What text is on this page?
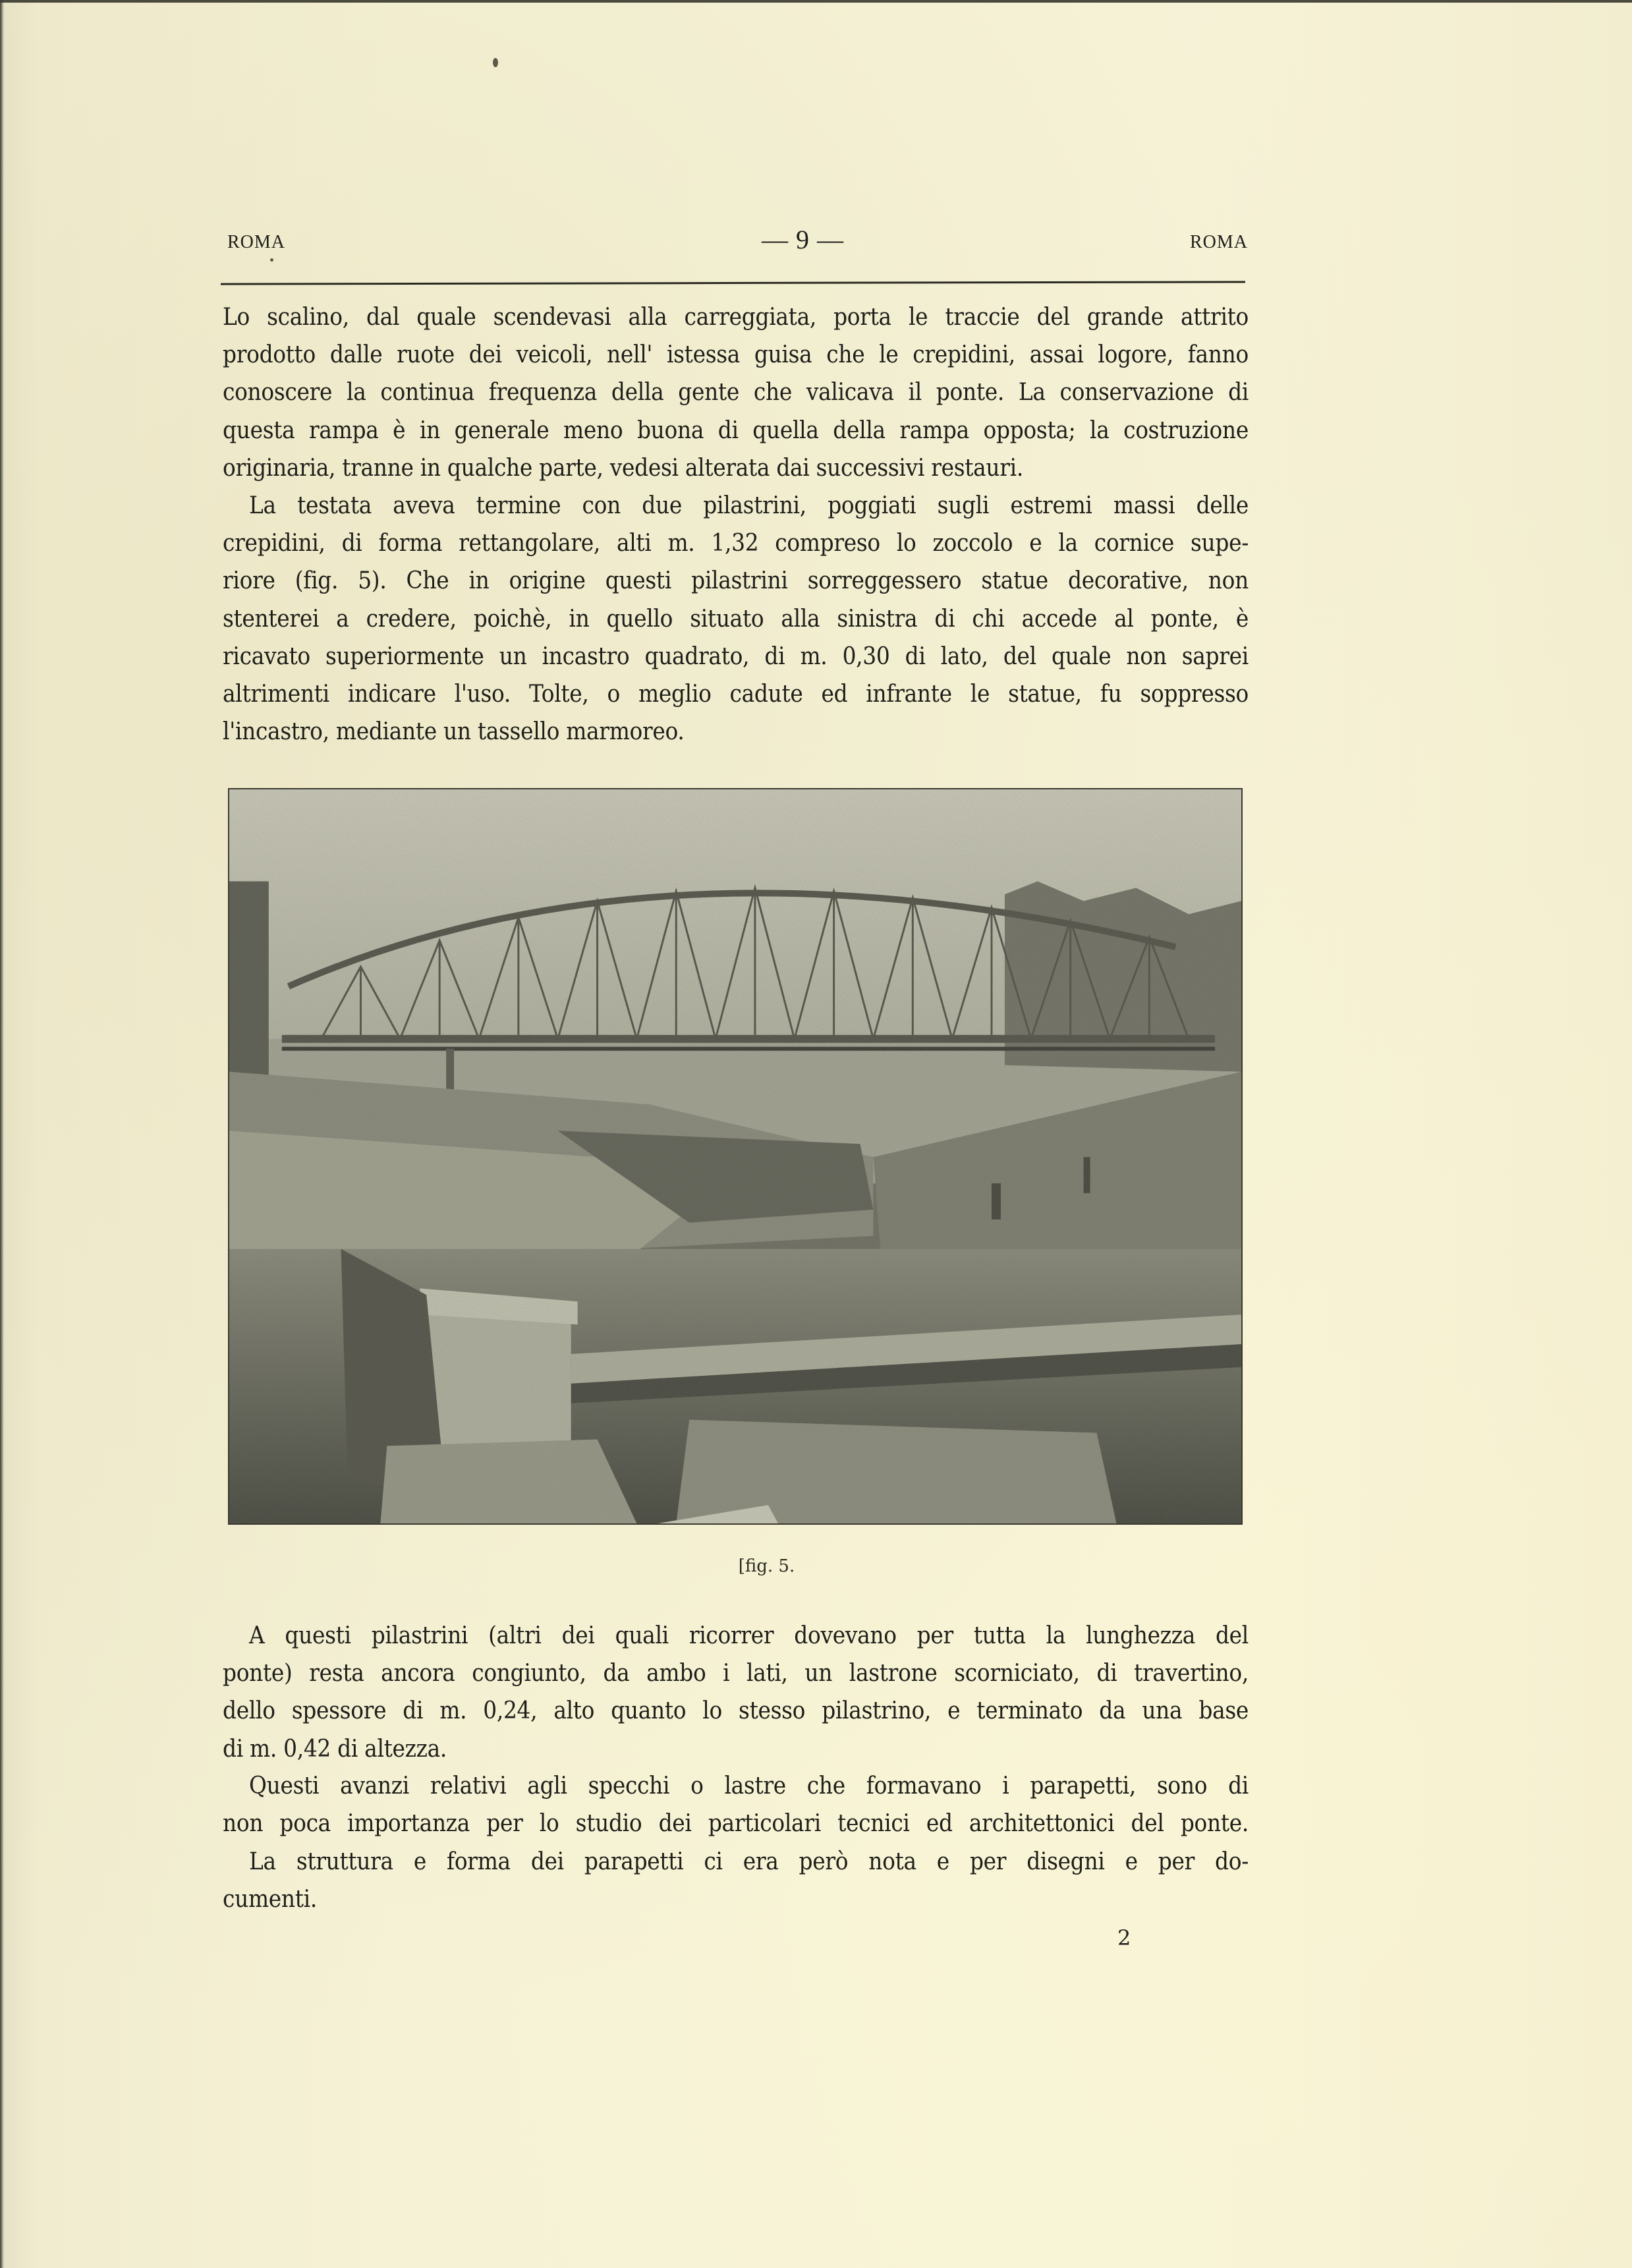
ROMA	— 9 —	ROMA
Lo scalino, dal quale scendevasi alla carreggiata, porta le traccie del grande attrito
prodotto dalle ruote dei veicoli, nell' istessa guisa che le crepidini, assai logore, fanno
conoscere la continua frequenza della gente che valicava il ponte. La conservazione di
questa rampa è in generale meno buona di quella della rampa opposta; la costruzione
originaria, tranne in qualche parte, vedesi alterata dai successivi restauri.
La testata aveva termine con due pilastrini, poggiati sugli estremi massi delle
crepidini, di forma rettangolare, alti m. 1,32 compreso lo zoccolo e la cornice supe-
riore (fig. 5). Che in origine questi pilastrini sorreggessero statue decorative, non
stenterei a credere, poichè, in quello situato alla sinistra di chi accede al ponte, è
ricavato superiormente un incastro quadrato, di m. 0,30 di lato, del quale non saprei
altrimenti indicare l'uso. Tolte, o meglio cadute ed infrante le statue, fu soppresso
l'incastro, mediante un tassello marmoreo.
[fig. 5.
A questi pilastrini (altri dei quali ricorrer dovevano per tutta la lunghezza del
ponte) resta ancora congiunto, da ambo i lati, un lastrone scorniciato, di travertino,
dello spessore di m. 0,24, alto quanto lo stesso pilastrino, e terminato da una base
di m. 0,42 di altezza.
Questi avanzi relativi agli specchi o lastre che formavano i parapetti, sono di
non poca importanza per lo studio dei particolari tecnici ed architettonici del ponte.
La struttura e forma dei parapetti ci era però nota e per disegni e per do-
cumenti.
2
